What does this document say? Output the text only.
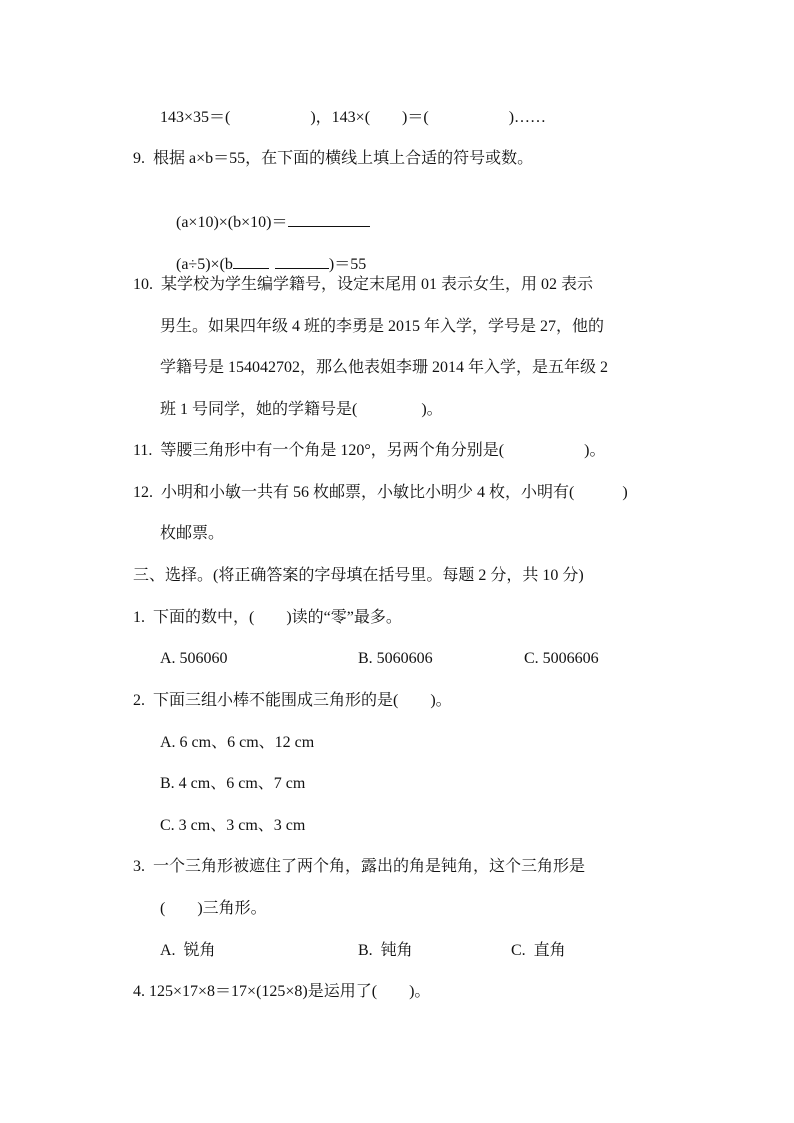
143×35＝(                    )，143×(        )＝(                    )……
9.  根据 a×b＝55，在下面的横线上填上合适的符号或数。

(a×10)×(b×10)＝

(a÷5)×(b	)＝55

10.  某学校为学生编学籍号，设定末尾用 01 表示女生，用 02 表示
男生。如果四年级 4 班的李勇是 2015 年入学，学号是 27，他的
学籍号是 154042702，那么他表姐李珊 2014 年入学，是五年级 2
班 1 号同学，她的学籍号是(                )。
11.  等腰三角形中有一个角是 120°，另两个角分别是(                    )。
12.  小明和小敏一共有 56 枚邮票，小敏比小明少 4 枚，小明有(            )
枚邮票。
三、选择。(将正确答案的字母填在括号里。每题 2 分，共 10 分)
1.  下面的数中，(        )读的“零”最多。
A. 506060	B. 5060606	C. 5006606
2.  下面三组小棒不能围成三角形的是(        )。
A. 6 cm、6 cm、12 cm
B. 4 cm、6 cm、7 cm
C. 3 cm、3 cm、3 cm
3.  一个三角形被遮住了两个角，露出的角是钝角，这个三角形是
(        )三角形。
A.  锐角	B.  钝角	C.  直角
4. 125×17×8＝17×(125×8)是运用了(        )。
